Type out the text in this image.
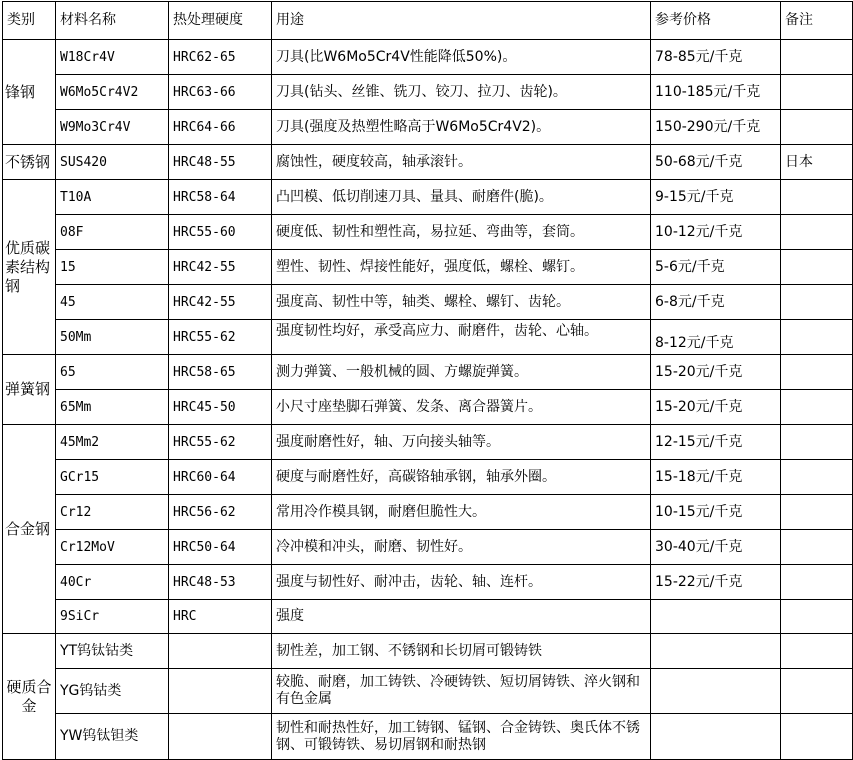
类别	材料名称	热处理硬度	用途	参考价格	备注
锋钢	W18Cr4V	HRC62-65	刀具(比W6Mo5Cr4V性能降低50%)。	78-85元/千克	
	W6Mo5Cr4V2	HRC63-66	刀具(钻头、丝锥、铣刀、铰刀、拉刀、齿轮)。	110-185元/千克	
	W9Mo3Cr4V	HRC64-66	刀具(强度及热塑性略高于W6Mo5Cr4V2)。	150-290元/千克	
不锈钢	SUS420	HRC48-55	腐蚀性，硬度较高，轴承滚针。	50-68元/千克	日本
优质碳素结构钢	T10A	HRC58-64	凸凹模、低切削速刀具、量具、耐磨件(脆)。	9-15元/千克	
	08F	HRC55-60	硬度低、韧性和塑性高，易拉延、弯曲等，套筒。	10-12元/千克	
	15	HRC42-55	塑性、韧性、焊接性能好，强度低，螺栓、螺钉。	5-6元/千克	
	45	HRC42-55	强度高、韧性中等，轴类、螺栓、螺钉、齿轮。	6-8元/千克	
	50Mm	HRC55-62	强度韧性均好，承受高应力、耐磨件，齿轮、心轴。	8-12元/千克	
弹簧钢	65	HRC58-65	测力弹簧、一般机械的圆、方螺旋弹簧。	15-20元/千克	
	65Mm	HRC45-50	小尺寸座垫脚石弹簧、发条、离合器簧片。	15-20元/千克	
合金钢	45Mm2	HRC55-62	强度耐磨性好，轴、万向接头轴等。	12-15元/千克	
	GCr15	HRC60-64	硬度与耐磨性好，高碳铬轴承钢，轴承外圈。	15-18元/千克	
	Cr12	HRC56-62	常用冷作模具钢，耐磨但脆性大。	10-15元/千克	
	Cr12MoV	HRC50-64	冷冲模和冲头，耐磨、韧性好。	30-40元/千克	
	40Cr	HRC48-53	强度与韧性好、耐冲击，齿轮、轴、连杆。	15-22元/千克	
	9SiCr	HRC	强度		
硬质合金	YT钨钛钴类		韧性差，加工钢、不锈钢和长切屑可锻铸铁		
	YG钨钴类		较脆、耐磨，加工铸铁、冷硬铸铁、短切屑铸铁、淬火钢和有色金属		
	YW钨钛钽类		韧性和耐热性好，加工铸钢、锰钢、合金铸铁、奥氏体不锈钢、可锻铸铁、易切屑钢和耐热钢		
